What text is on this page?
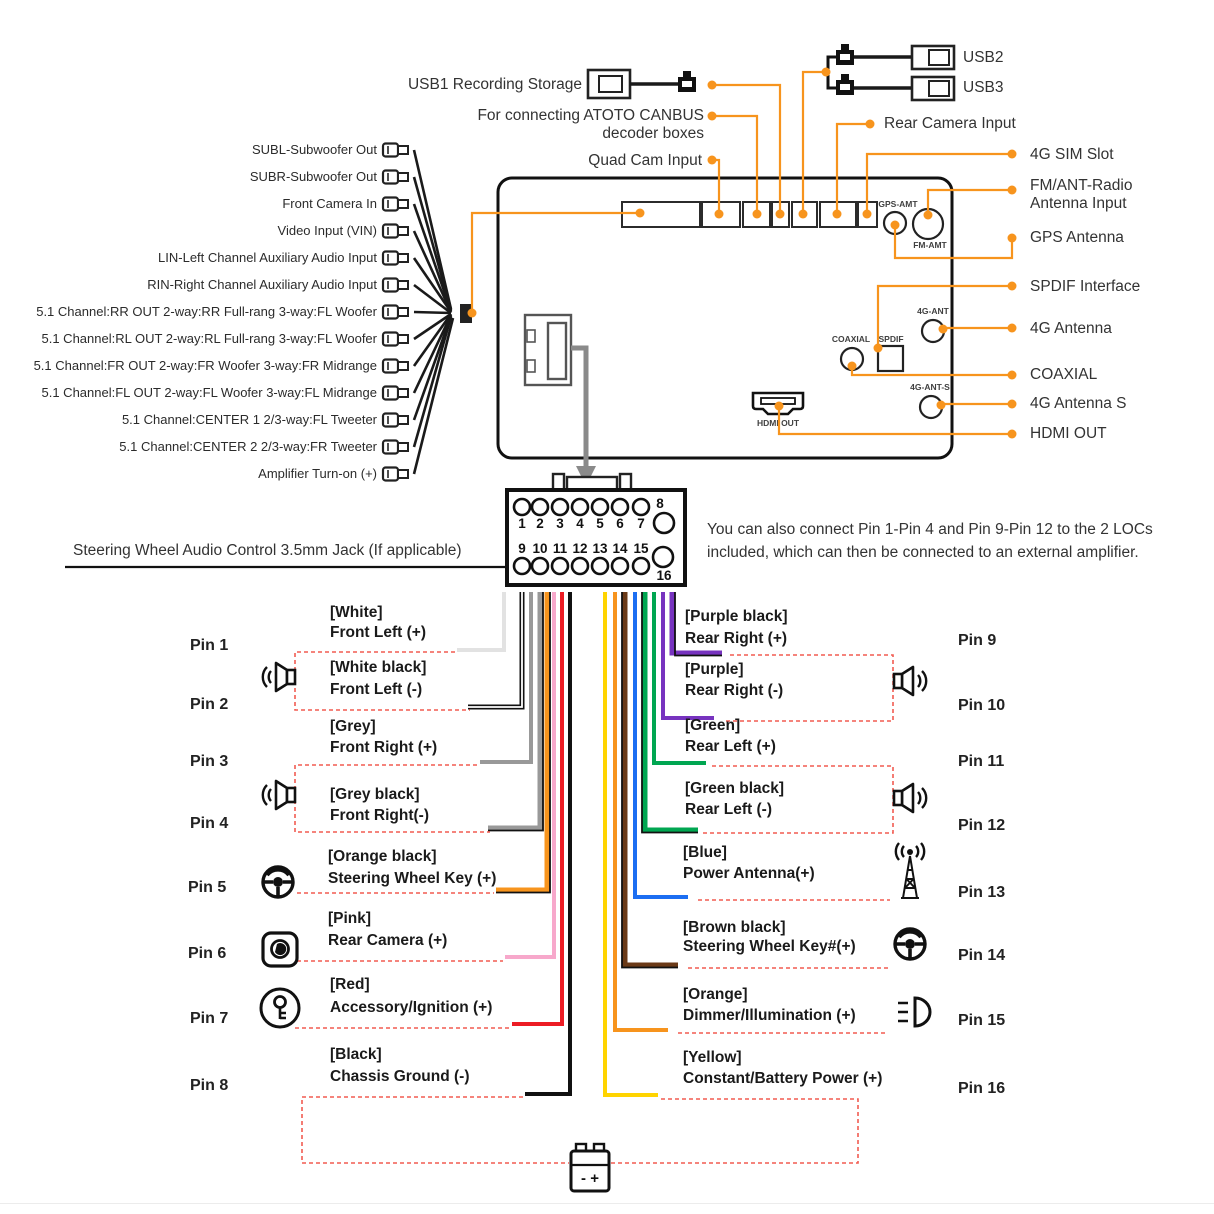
GPS-AMT
FM-AMT
4G-ANT
COAXIAL SPDIF
4G-ANT-S
HDMI OUT
1 2 3 4 5 6 7
8
9 10 11 12 13 14 15
16
- +
USB1 Recording Storage
For connecting ATOTO CANBUS
decoder boxes
Quad Cam Input
USB2
USB3
Rear Camera Input
SUBL-Subwoofer Out
SUBR-Subwoofer Out
Front Camera In
Video Input (VIN)
LIN-Left Channel Auxiliary Audio Input
RIN-Right Channel Auxiliary Audio Input
5.1 Channel:RR OUT 2-way:RR Full-rang 3-way:FL Woofer
5.1 Channel:RL OUT 2-way:RL Full-rang 3-way:FL Woofer
5.1 Channel:FR OUT 2-way:FR Woofer 3-way:FR Midrange
5.1 Channel:FL OUT 2-way:FL Woofer 3-way:FL Midrange
5.1 Channel:CENTER 1 2/3-way:FL Tweeter
5.1 Channel:CENTER 2 2/3-way:FR Tweeter
Amplifier Turn-on (+)
4G SIM Slot
FM/ANT-Radio
Antenna Input
GPS Antenna
SPDIF Interface
4G Antenna
COAXIAL
4G Antenna S
HDMI OUT
Steering Wheel Audio Control 3.5mm Jack (If applicable)
You can also connect Pin 1-Pin 4 and Pin 9-Pin 12 to the 2 LOCs
included, which can then be connected to an external amplifier.
Pin 1
Pin 2
Pin 3
Pin 4
Pin 5
Pin 6
Pin 7
Pin 8
Pin 9
Pin 10
Pin 11
Pin 12
Pin 13
Pin 14
Pin 15
Pin 16
[White]
Front Left (+)
[White black]
Front Left (-)
[Grey]
Front Right (+)
[Grey black]
Front Right(-)
[Orange black]
Steering Wheel Key (+)
[Pink]
Rear Camera (+)
[Red]
Accessory/Ignition (+)
[Black]
Chassis Ground (-)
[Purple black]
Rear Right (+)
[Purple]
Rear Right (-)
[Green]
Rear Left (+)
[Green black]
Rear Left (-)
[Blue]
Power Antenna(+)
[Brown black]
Steering Wheel Key#(+)
[Orange]
Dimmer/Illumination (+)
[Yellow]
Constant/Battery Power (+)
